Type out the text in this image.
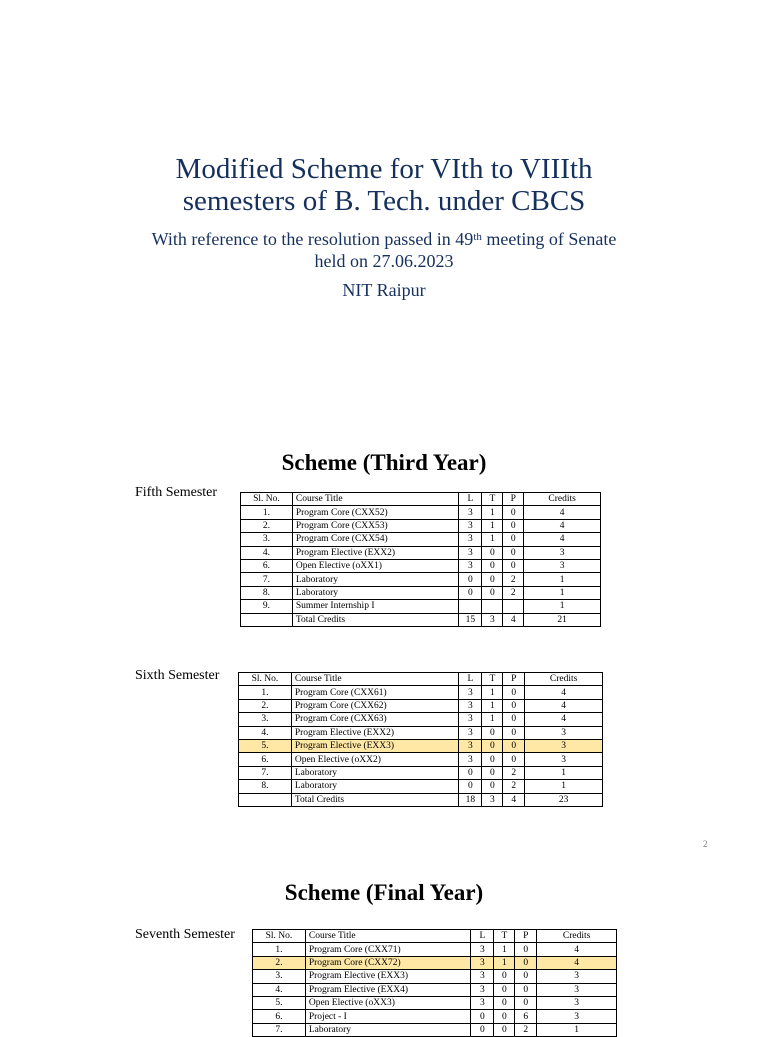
Modified Scheme for VIth to VIIIth
semesters of B. Tech. under CBCS
With reference to the resolution passed in 49th meeting of Senate
held on 27.06.2023
NIT Raipur
Scheme (Third Year)
Fifth Semester	Sl. No.	Course Title	L	T	P	Credits
1.	Program Core (CXX52)	3	1	0	4
2.	Program Core (CXX53)	3	1	0	4
3.	Program Core (CXX54)	3	1	0	4
4.	Program Elective (EXX2)	3	0	0	3
6.	Open Elective (oXX1)	3	0	0	3
7.	Laboratory	0	0	2	1
8.	Laboratory	0	0	2	1
9.	Summer Internship I				1
	Total Credits	15	3	4	21
Sixth Semester	Sl. No.	Course Title	L	T	P	Credits
1.	Program Core (CXX61)	3	1	0	4
2.	Program Core (CXX62)	3	1	0	4
3.	Program Core (CXX63)	3	1	0	4
4.	Program Elective (EXX2)	3	0	0	3
5.	Program Elective (EXX3)	3	0	0	3
6.	Open Elective (oXX2)	3	0	0	3
7.	Laboratory	0	0	2	1
8.	Laboratory	0	0	2	1
	Total Credits	18	3	4	23
2
Scheme (Final Year)
Seventh Semester	Sl. No.	Course Title	L	T	P	Credits
1.	Program Core (CXX71)	3	1	0	4
2.	Program Core (CXX72)	3	1	0	4
3.	Program Elective (EXX3)	3	0	0	3
4.	Program Elective (EXX4)	3	0	0	3
5.	Open Elective (oXX3)	3	0	0	3
6.	Project - I	0	0	6	3
7.	Laboratory	0	0	2	1
